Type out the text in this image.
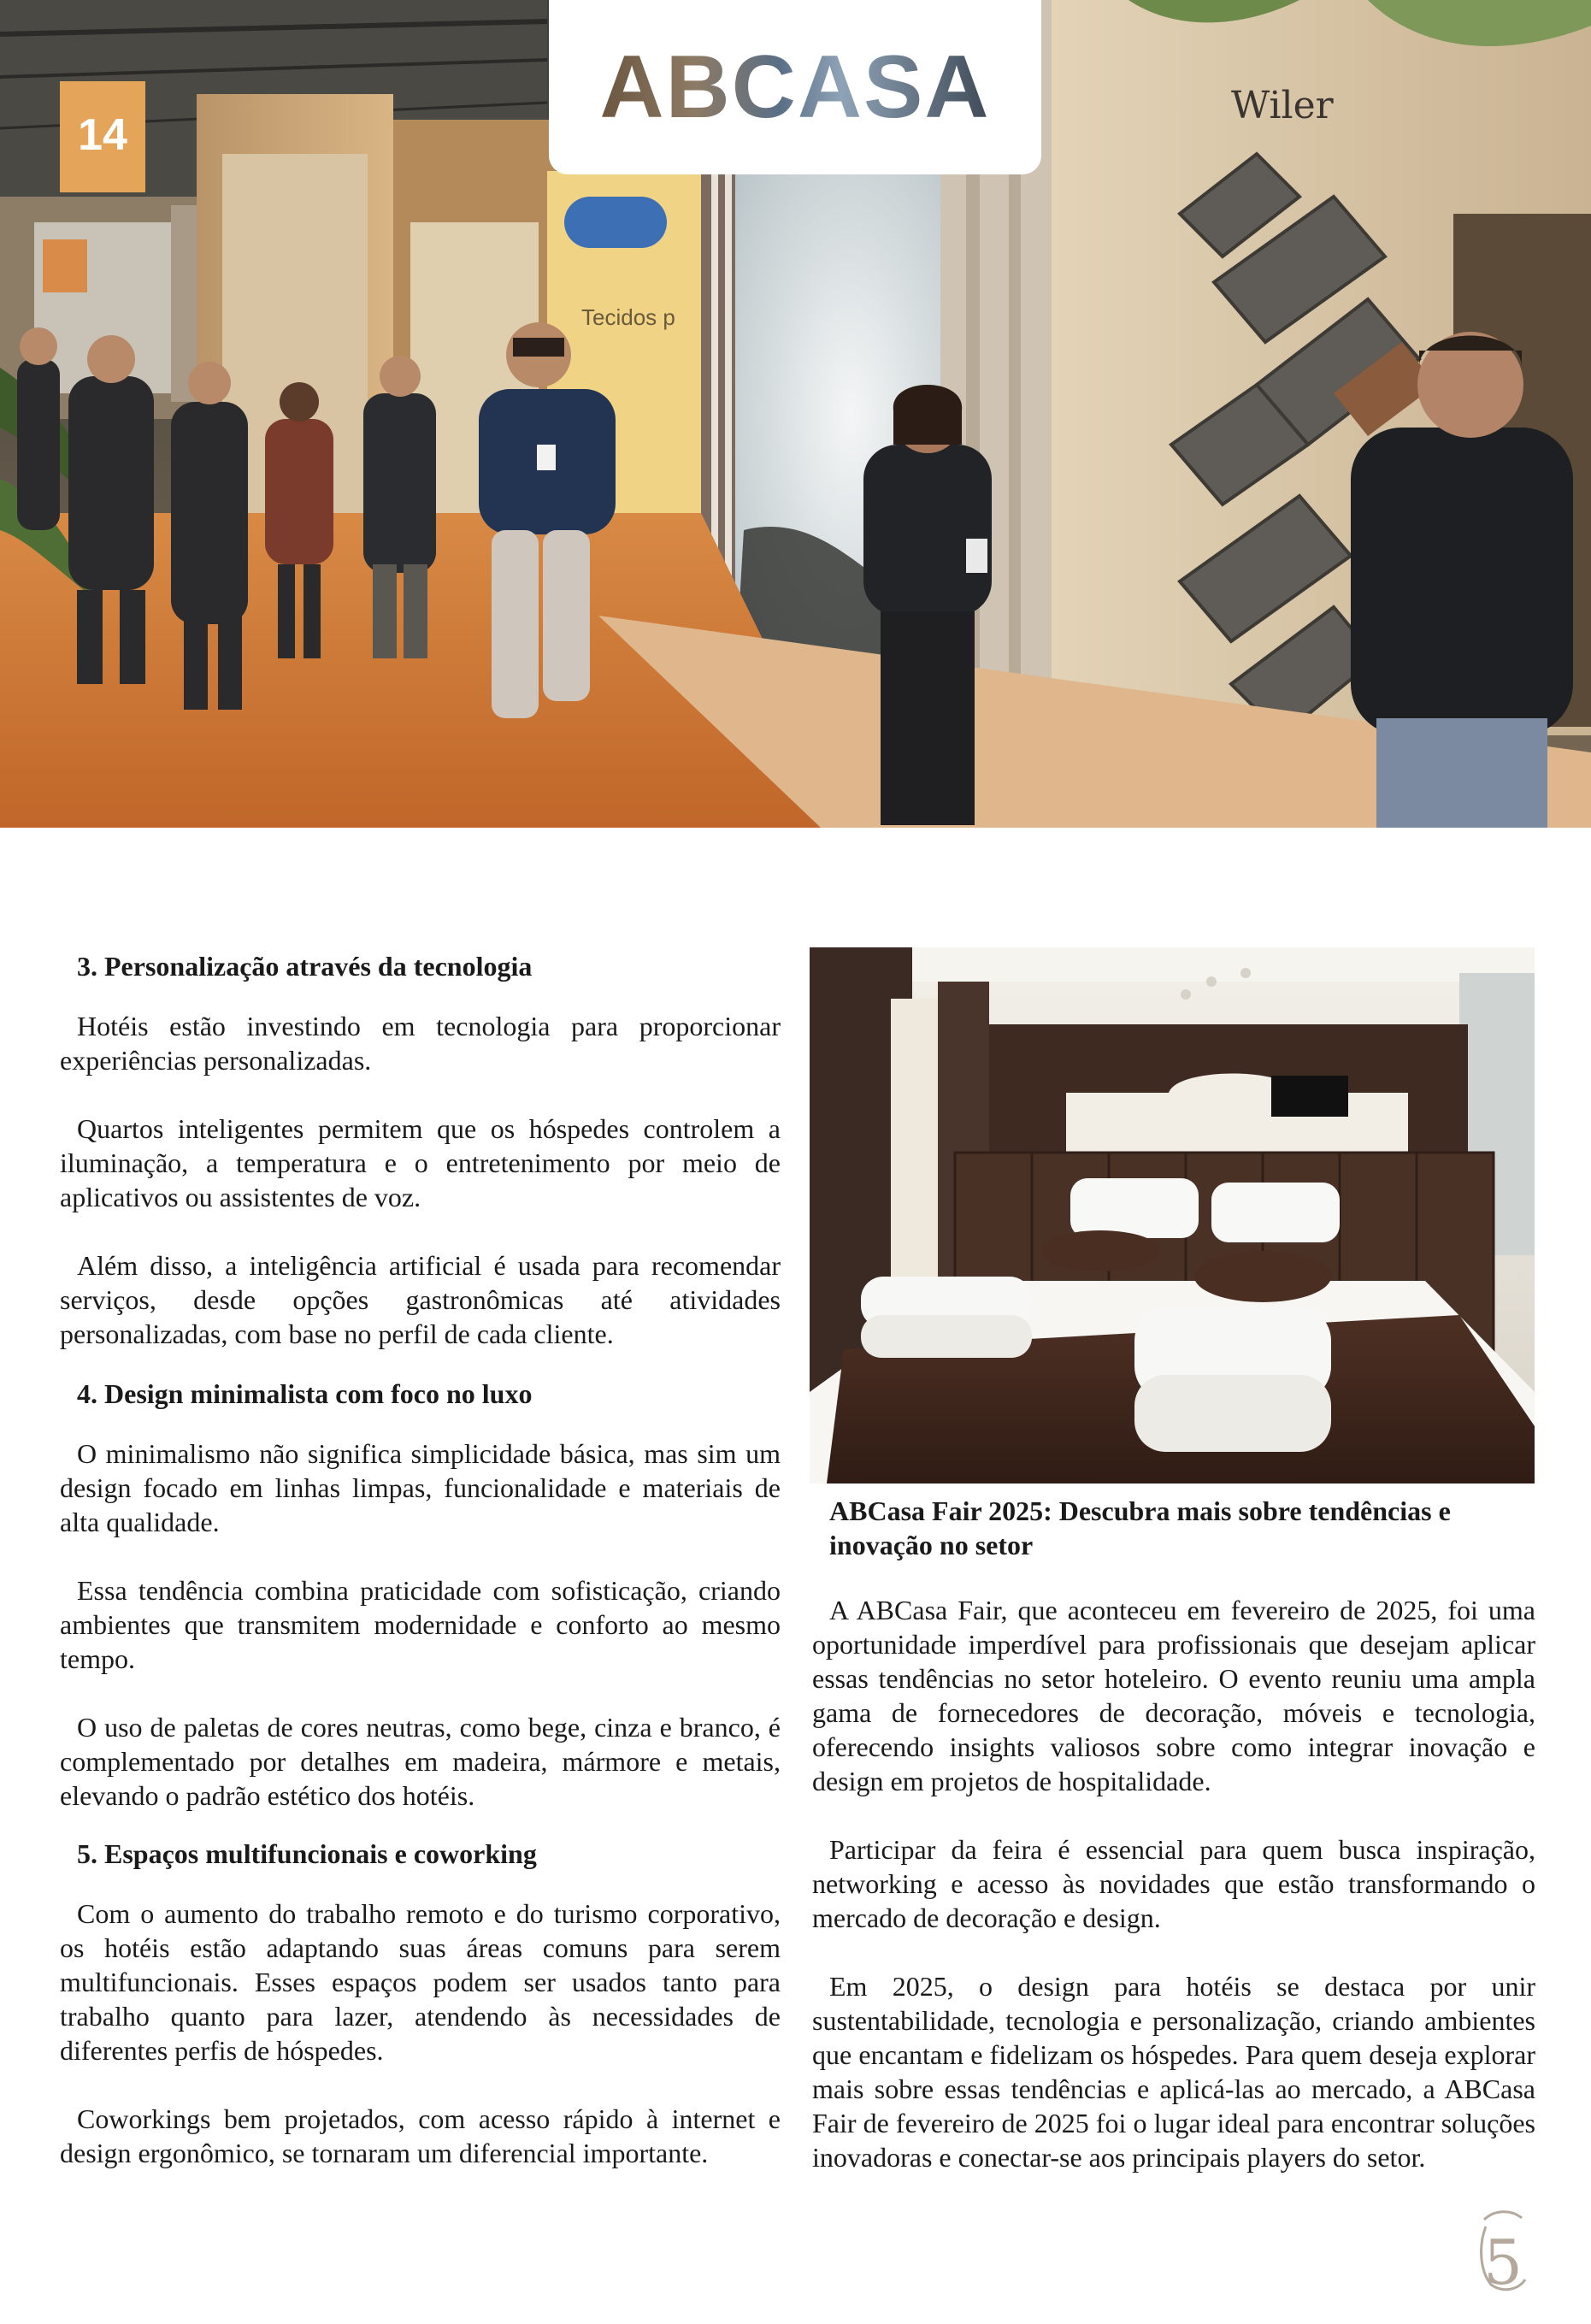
14
Tecidos p
Wiler
ABCASA
3. Personalização através da tecnologia

Hotéis estão investindo em tecnologia para proporcionar experiências personalizadas.

Quartos inteligentes permitem que os hóspedes controlem a iluminação, a temperatura e o entretenimento por meio de aplicativos ou assistentes de voz.

Além disso, a inteligência artificial é usada para recomendar serviços, desde opções gastronômicas até atividades personalizadas, com base no perfil de cada cliente.

4. Design minimalista com foco no luxo

O minimalismo não significa simplicidade básica, mas sim um design focado em linhas limpas, funcionalidade e materiais de alta qualidade.

Essa tendência combina praticidade com sofisticação, criando ambientes que transmitem modernidade e conforto ao mesmo tempo.

O uso de paletas de cores neutras, como bege, cinza e branco, é complementado por detalhes em madeira, mármore e metais, elevando o padrão estético dos hotéis.

5. Espaços multifuncionais e coworking

Com o aumento do trabalho remoto e do turismo corporativo, os hotéis estão adaptando suas áreas comuns para serem multifuncionais. Esses espaços podem ser usados tanto para trabalho quanto para lazer, atendendo às necessidades de diferentes perfis de hóspedes.

Coworkings bem projetados, com acesso rápido à internet e design ergonômico, se tornaram um diferencial importante.

ABCasa Fair 2025: Descubra mais sobre tendências e inovação no setor

A ABCasa Fair, que aconteceu em fevereiro de 2025, foi uma oportunidade imperdível para profissionais que desejam aplicar essas tendências no setor hoteleiro. O evento reuniu uma ampla gama de fornecedores de decoração, móveis e tecnologia, oferecendo insights valiosos sobre como integrar inovação e design em projetos de hospitalidade.

Participar da feira é essencial para quem busca inspiração, networking e acesso às novidades que estão transformando o mercado de decoração e design.

Em 2025, o design para hotéis se destaca por unir sustentabilidade, tecnologia e personalização, criando ambientes que encantam e fidelizam os hóspedes. Para quem deseja explorar mais sobre essas tendências e aplicá-las ao mercado, a ABCasa Fair de fevereiro de 2025 foi o lugar ideal para encontrar soluções inovadoras e conectar-se aos principais players do setor.

5
